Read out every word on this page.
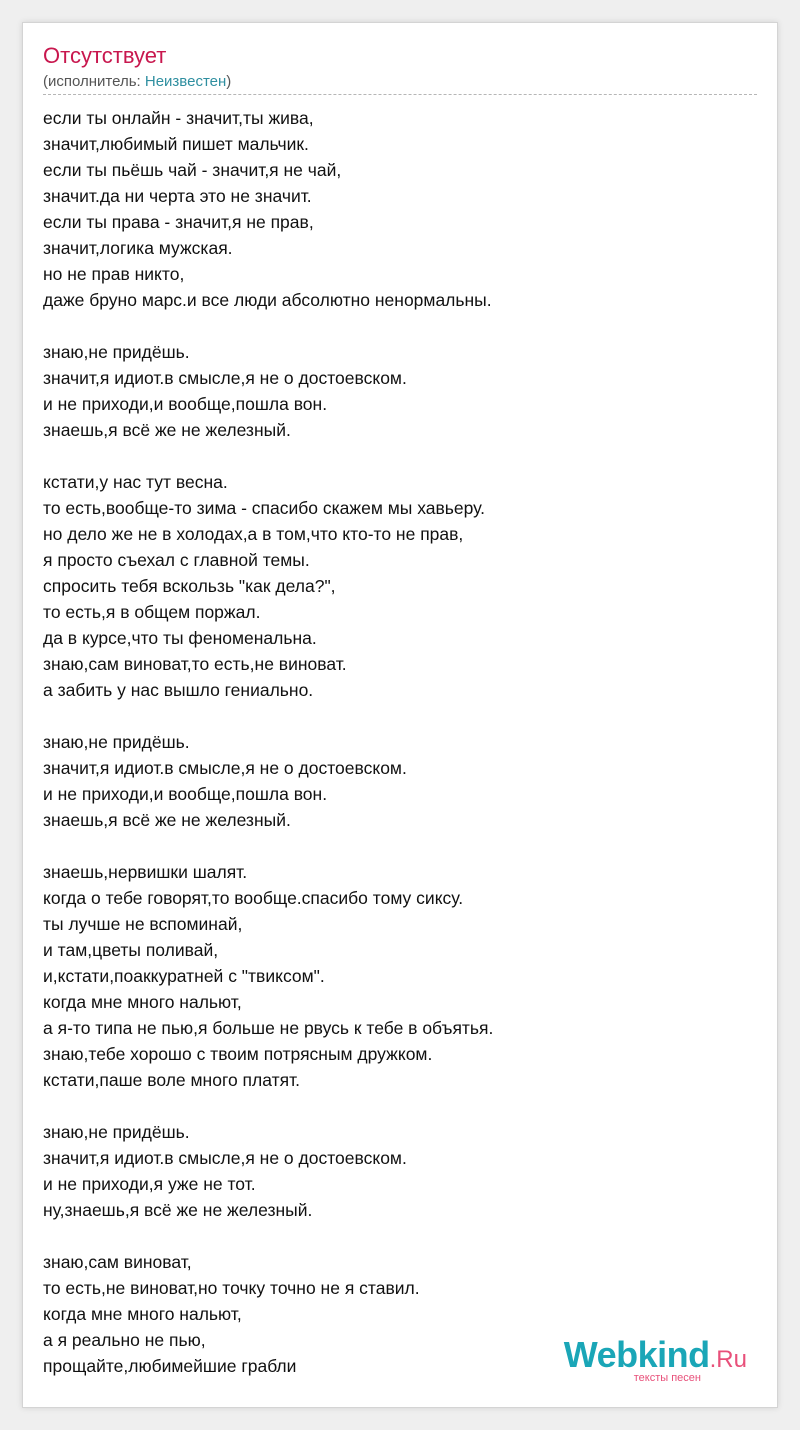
Отсутствует
(исполнитель: Неизвестен)
если ты онлайн - значит,ты жива,
значит,любимый пишет мальчик.
если ты пьёшь чай - значит,я не чай,
значит.да ни черта это не значит.
если ты права - значит,я не прав,
значит,логика мужская.
но не прав никто,
даже бруно марс.и все люди абсолютно ненормальны.
знаю,не придёшь.
значит,я идиот.в смысле,я не о достоевском.
и не приходи,и вообще,пошла вон.
знаешь,я всё же не железный.
кстати,у нас тут весна.
то есть,вообще-то зима - спасибо скажем мы хавьеру.
но дело же не в холодах,а в том,что кто-то не прав,
я просто съехал с главной темы.
спросить тебя вскользь "как дела?",
то есть,я в общем поржал.
да в курсе,что ты феноменальна.
знаю,сам виноват,то есть,не виноват.
а забить у нас вышло гениально.
знаю,не придёшь.
значит,я идиот.в смысле,я не о достоевском.
и не приходи,и вообще,пошла вон.
знаешь,я всё же не железный.
знаешь,нервишки шалят.
когда о тебе говорят,то вообще.спасибо тому сиксу.
ты лучше не вспоминай,
и там,цветы поливай,
и,кстати,поаккуратней с "твиксом".
когда мне много нальют,
а я-то типа не пью,я больше не рвусь к тебе в объятья.
знаю,тебе хорошо с твоим потрясным дружком.
кстати,паше воле много платят.
знаю,не придёшь.
значит,я идиот.в смысле,я не о достоевском.
и не приходи,я уже не тот.
ну,знаешь,я всё же не железный.
знаю,сам виноват,
то есть,не виноват,но точку точно не я ставил.
когда мне много нальют,
а я реально не пью,
прощайте,любимейшие грабли	Webkind.Ru
тексты песен
